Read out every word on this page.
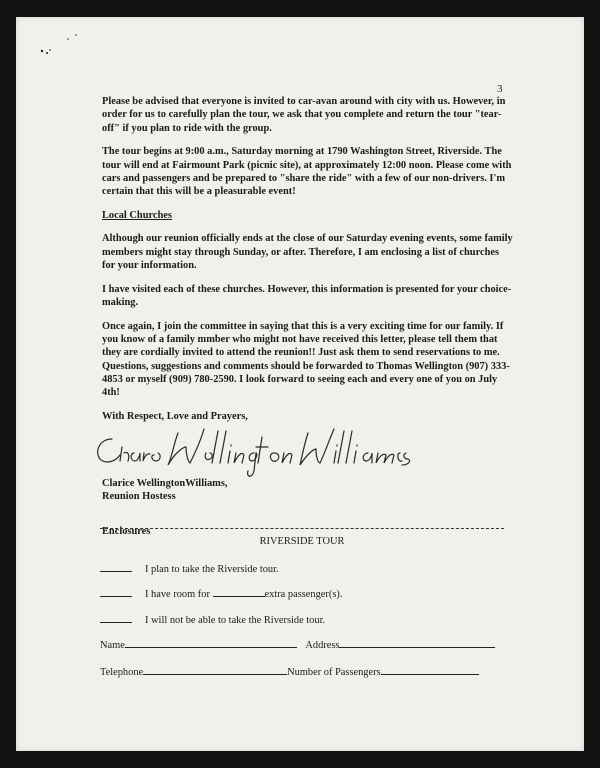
3

Please be advised that everyone is invited to car-avan around with city with us. However, in order for us to carefully plan the tour, we ask that you complete and return the tour "tear-off" if you plan to ride with the group.

The tour begins at 9:00 a.m., Saturday morning at 1790 Washington Street, Riverside. The tour will end at Fairmount Park (picnic site), at approximately 12:00 noon. Please come with cars and passengers and be prepared to "share the ride" with a few of our non-drivers. I'm certain that this will be a pleasurable event!

Local Churches

Although our reunion officially ends at the close of our Saturday evening events, some family members might stay through Sunday, or after. Therefore, I am enclosing a list of churches for your information.

I have visited each of these churches. However, this information is presented for your choice-making.

Once again, I join the committee in saying that this is a very exciting time for our family. If you know of a family mmber who might not have received this letter, please tell them that they are cordially invited to attend the reunion!! Just ask them to send reservations to me. Questions, suggestions and comments should be forwarded to Thomas Wellington (907) 333-4853 or myself (909) 780-2590. I look forward to seeing each and every one of you on July 4th!

With Respect, Love and Prayers,
Clarice WellingtonWilliams,
Reunion Hostess
Enclosures
RIVERSIDE TOUR
I plan to take the Riverside tour.
I have room for	extra passenger(s).
I will not be able to take the Riverside tour.
Name	Address
Telephone	Number of Passengers
